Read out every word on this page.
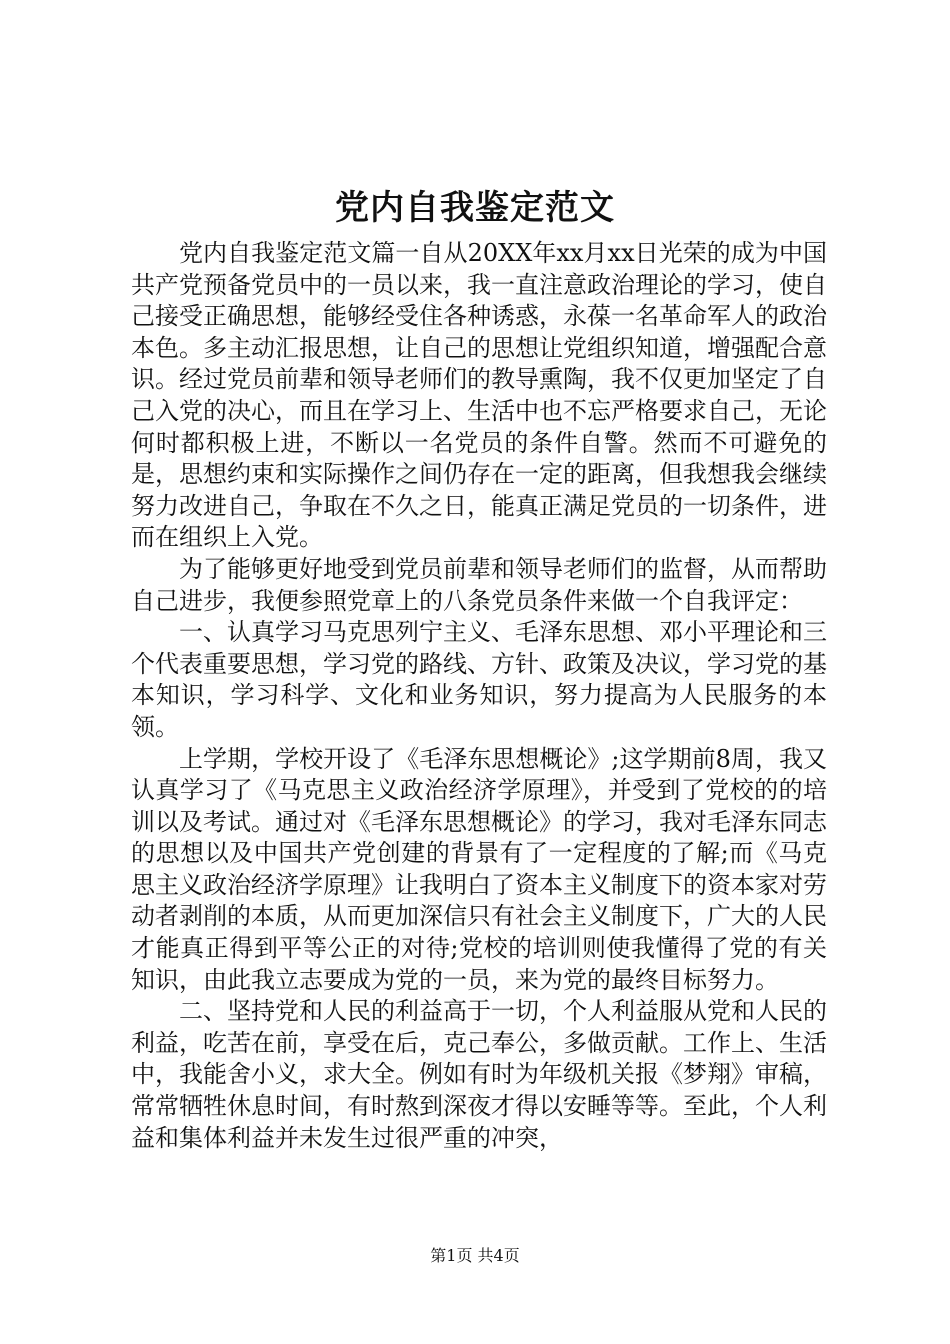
党内自我鉴定范文

党内自我鉴定范文篇一自从20XX年xx月xx日光荣的成为中国共产党预备党员中的一员以来，我一直注意政治理论的学习，使自己接受正确思想，能够经受住各种诱惑，永葆一名革命军人的政治本色。多主动汇报思想，让自己的思想让党组织知道，增强配合意识。经过党员前辈和领导老师们的教导熏陶，我不仅更加坚定了自己入党的决心，而且在学习上、生活中也不忘严格要求自己，无论何时都积极上进，不断以一名党员的条件自警。然而不可避免的是，思想约束和实际操作之间仍存在一定的距离，但我想我会继续努力改进自己，争取在不久之日，能真正满足党员的一切条件，进而在组织上入党。

为了能够更好地受到党员前辈和领导老师们的监督，从而帮助自己进步，我便参照党章上的八条党员条件来做一个自我评定：

一、认真学习马克思列宁主义、毛泽东思想、邓小平理论和三个代表重要思想，学习党的路线、方针、政策及决议，学习党的基本知识，学习科学、文化和业务知识，努力提高为人民服务的本领。

上学期，学校开设了《毛泽东思想概论》;这学期前8周，我又认真学习了《马克思主义政治经济学原理》，并受到了党校的的培训以及考试。通过对《毛泽东思想概论》的学习，我对毛泽东同志的思想以及中国共产党创建的背景有了一定程度的了解;而《马克思主义政治经济学原理》让我明白了资本主义制度下的资本家对劳动者剥削的本质，从而更加深信只有社会主义制度下，广大的人民才能真正得到平等公正的对待;党校的培训则使我懂得了党的有关知识，由此我立志要成为党的一员，来为党的最终目标努力。

二、坚持党和人民的利益高于一切，个人利益服从党和人民的利益，吃苦在前，享受在后，克己奉公，多做贡献。工作上、生活中，我能舍小义，求大全。例如有时为年级机关报《梦翔》审稿，常常牺牲休息时间，有时熬到深夜才得以安睡等等。至此，个人利益和集体利益并未发生过很严重的冲突，

第1页 共4页
